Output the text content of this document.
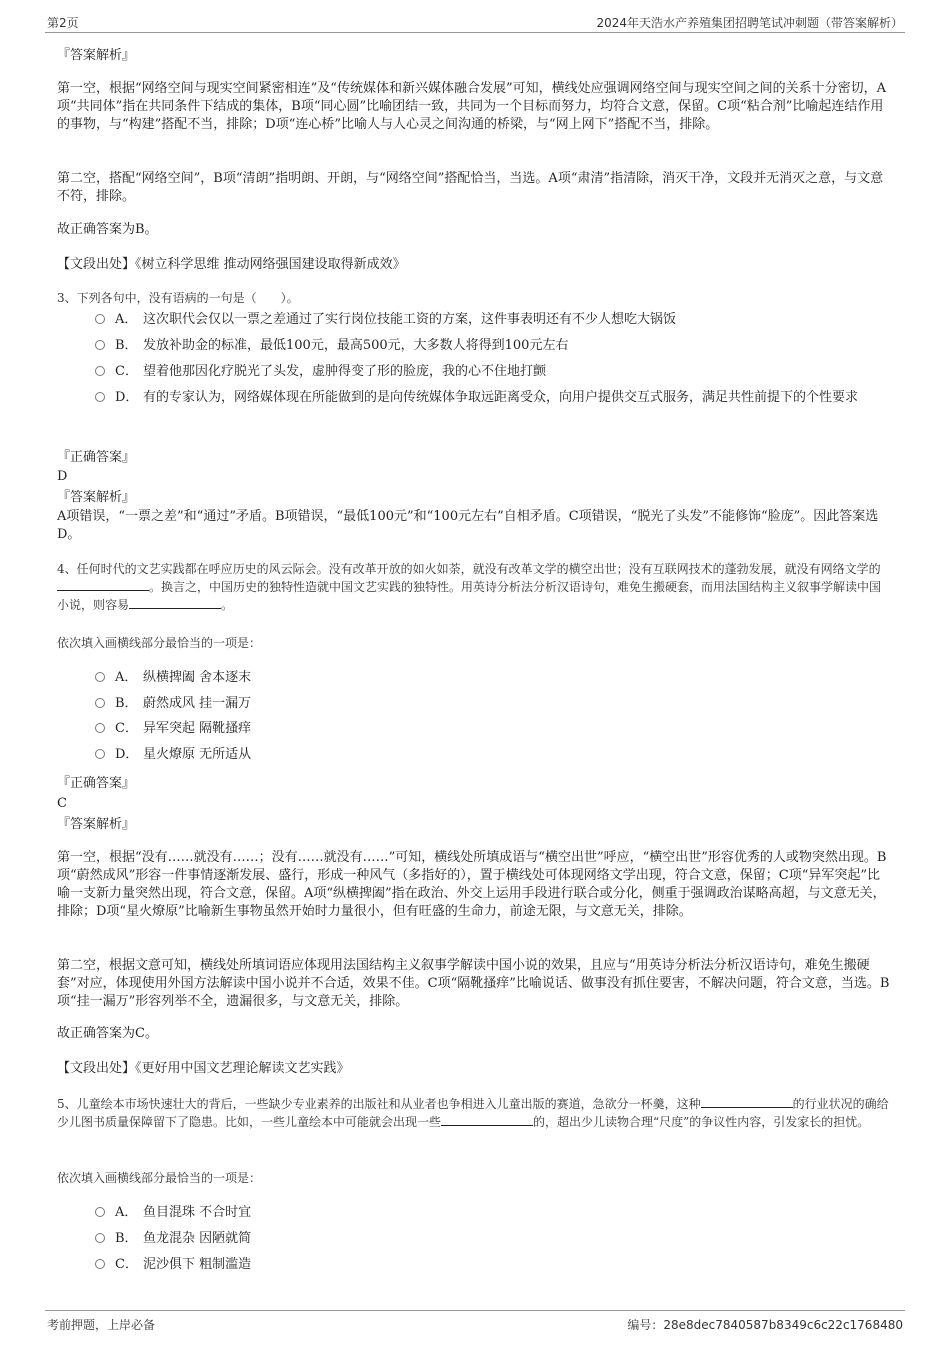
第2页	2024年天浩水产养殖集团招聘笔试冲刺题（带答案解析）
『答案解析』
第一空，根据“网络空间与现实空间紧密相连”及“传统媒体和新兴媒体融合发展”可知，横线处应强调网络空间与现实空间之间的关系十分密切，A项“共同体”指在共同条件下结成的集体，B项“同心圆”比喻团结一致，共同为一个目标而努力，均符合文意，保留。C项“粘合剂”比喻起连结作用的事物，与“构建”搭配不当，排除；D项“连心桥”比喻人与人心灵之间沟通的桥梁，与“网上网下”搭配不当，排除。
第二空，搭配“网络空间”，B项“清朗”指明朗、开朗，与“网络空间”搭配恰当，当选。A项“肃清”指清除，消灭干净，文段并无消灭之意，与文意不符，排除。
故正确答案为B。
【文段出处】《树立科学思维 推动网络强国建设取得新成效》
3、下列各句中，没有语病的一句是（　　）。
A． 这次职代会仅以一票之差通过了实行岗位技能工资的方案，这件事表明还有不少人想吃大锅饭
B． 发放补助金的标准，最低100元，最高500元，大多数人将得到100元左右
C． 望着他那因化疗脱光了头发，虚肿得变了形的脸庞，我的心不住地打颤
D． 有的专家认为，网络媒体现在所能做到的是向传统媒体争取远距离受众，向用户提供交互式服务，满足共性前提下的个性要求
『正确答案』
D
『答案解析』
A项错误，“一票之差”和“通过”矛盾。B项错误，“最低100元”和“100元左右”自相矛盾。C项错误，“脱光了头发”不能修饰“脸庞”。因此答案选D。
4、任何时代的文艺实践都在呼应历史的风云际会。没有改革开放的如火如荼，就没有改革文学的横空出世；没有互联网技术的蓬勃发展，就没有网络文学的。换言之，中国历史的独特性造就中国文艺实践的独特性。用英诗分析法分析汉语诗句，难免生搬硬套，而用法国结构主义叙事学解读中国小说，则容易	。
依次填入画横线部分最恰当的一项是：
A． 纵横捭阖 舍本逐末
B． 蔚然成风 挂一漏万
C． 异军突起 隔靴搔痒
D． 星火燎原 无所适从
『正确答案』
C
『答案解析』
第一空，根据“没有……就没有……；没有……就没有……”可知，横线处所填成语与“横空出世”呼应，“横空出世”形容优秀的人或物突然出现。B项“蔚然成风”形容一件事情逐渐发展、盛行，形成一种风气（多指好的），置于横线处可体现网络文学出现，符合文意，保留；C项“异军突起”比喻一支新力量突然出现，符合文意，保留。A项“纵横捭阖”指在政治、外交上运用手段进行联合或分化，侧重于强调政治谋略高超，与文意无关，排除；D项“星火燎原”比喻新生事物虽然开始时力量很小，但有旺盛的生命力，前途无限，与文意无关，排除。
第二空，根据文意可知，横线处所填词语应体现用法国结构主义叙事学解读中国小说的效果，且应与“用英诗分析法分析汉语诗句，难免生搬硬套”对应，体现使用外国方法解读中国小说并不合适，效果不佳。C项“隔靴搔痒”比喻说话、做事没有抓住要害，不解决问题，符合文意，当选。B项“挂一漏万”形容列举不全，遗漏很多，与文意无关，排除。
故正确答案为C。
【文段出处】《更好用中国文艺理论解读文艺实践》
5、儿童绘本市场快速壮大的背后，一些缺少专业素养的出版社和从业者也争相进入儿童出版的赛道，急欲分一杯羹，这种	的行业状况的确给少儿图书质量保障留下了隐患。比如，一些儿童绘本中可能就会出现一些	的，超出少儿读物合理“尺度”的争议性内容，引发家长的担忧。
依次填入画横线部分最恰当的一项是：
A． 鱼目混珠 不合时宜
B． 鱼龙混杂 因陋就简
C． 泥沙俱下 粗制滥造
考前押题，上岸必备	编号：28e8dec7840587b8349c6c22c1768480
